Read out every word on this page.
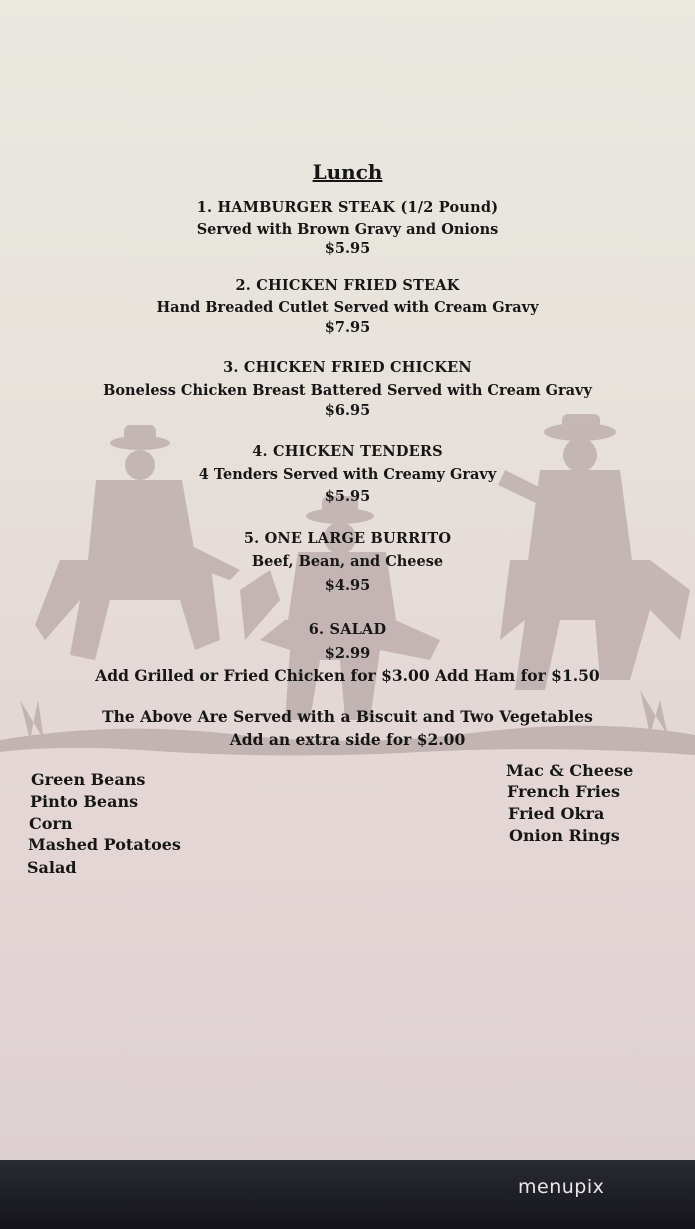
Lunch
1. HAMBURGER STEAK (1/2 Pound)
Served with Brown Gravy and Onions
$5.95
2. CHICKEN FRIED STEAK
Hand Breaded Cutlet Served with Cream Gravy
$7.95
3. CHICKEN FRIED CHICKEN
Boneless Chicken Breast Battered Served with Cream Gravy
$6.95
4. CHICKEN TENDERS
4 Tenders Served with Creamy Gravy
$5.95
5. ONE LARGE BURRITO
Beef, Bean, and Cheese
$4.95
6. SALAD
$2.99
Add Grilled or Fried Chicken for $3.00 Add Ham for $1.50
The Above Are Served with a Biscuit and Two Vegetables
Add an extra side for $2.00
Green Beans
Pinto Beans
Corn
Mashed Potatoes
Salad
Mac & Cheese
French Fries
Fried Okra
Onion Rings
menupix
